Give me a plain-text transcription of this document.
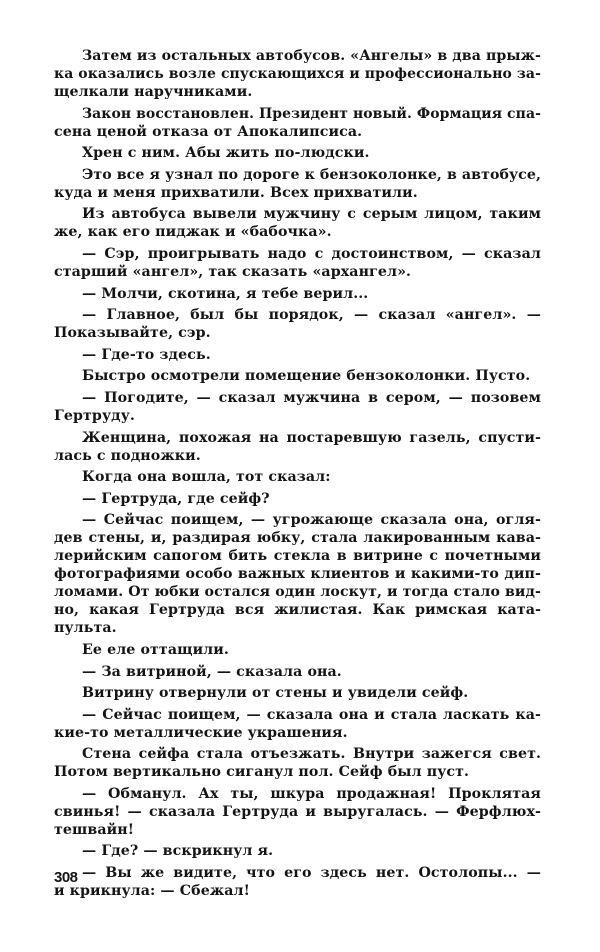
Затем из остальных автобусов. «Ангелы» в два прыж-
ка оказались возле спускающихся и профессионально за-
щелкали наручниками.
Закон восстановлен. Президент новый. Формация спа-
сена ценой отказа от Апокалипсиса.
Хрен с ним. Абы жить по-людски.
Это все я узнал по дороге к бензоколонке, в автобусе,
куда и меня прихватили. Всех прихватили.
Из автобуса вывели мужчину с серым лицом, таким
же, как его пиджак и «бабочка».
— Сэр, проигрывать надо с достоинством, — сказал
старший «ангел», так сказать «архангел».
— Молчи, скотина, я тебе верил...
— Главное, был бы порядок, — сказал «ангел». —
Показывайте, сэр.
— Где-то здесь.
Быстро осмотрели помещение бензоколонки. Пусто.
— Погодите, — сказал мужчина в сером, — позовем
Гертруду.
Женщина, похожая на постаревшую газель, спусти-
лась с подножки.
Когда она вошла, тот сказал:
— Гертруда, где сейф?
— Сейчас поищем, — угрожающе сказала она, огля-
дев стены, и, раздирая юбку, стала лакированным кава-
лерийским сапогом бить стекла в витрине с почетными
фотографиями особо важных клиентов и какими-то дип-
ломами. От юбки остался один лоскут, и тогда стало вид-
но, какая Гертруда вся жилистая. Как римская ката-
пульта.
Ее еле оттащили.
— За витриной, — сказала она.
Витрину отвернули от стены и увидели сейф.
— Сейчас поищем, — сказала она и стала ласкать ка-
кие-то металлические украшения.
Стена сейфа стала отъезжать. Внутри зажегся свет.
Потом вертикально сиганул пол. Сейф был пуст.
— Обманул. Ах ты, шкура продажная! Проклятая
свинья! — сказала Гертруда и выругалась. — Ферфлюх-
тешвайн!
— Где? — вскрикнул я.
— Вы же видите, что его здесь нет. Остолопы... —
и крикнула: — Сбежал!
308
